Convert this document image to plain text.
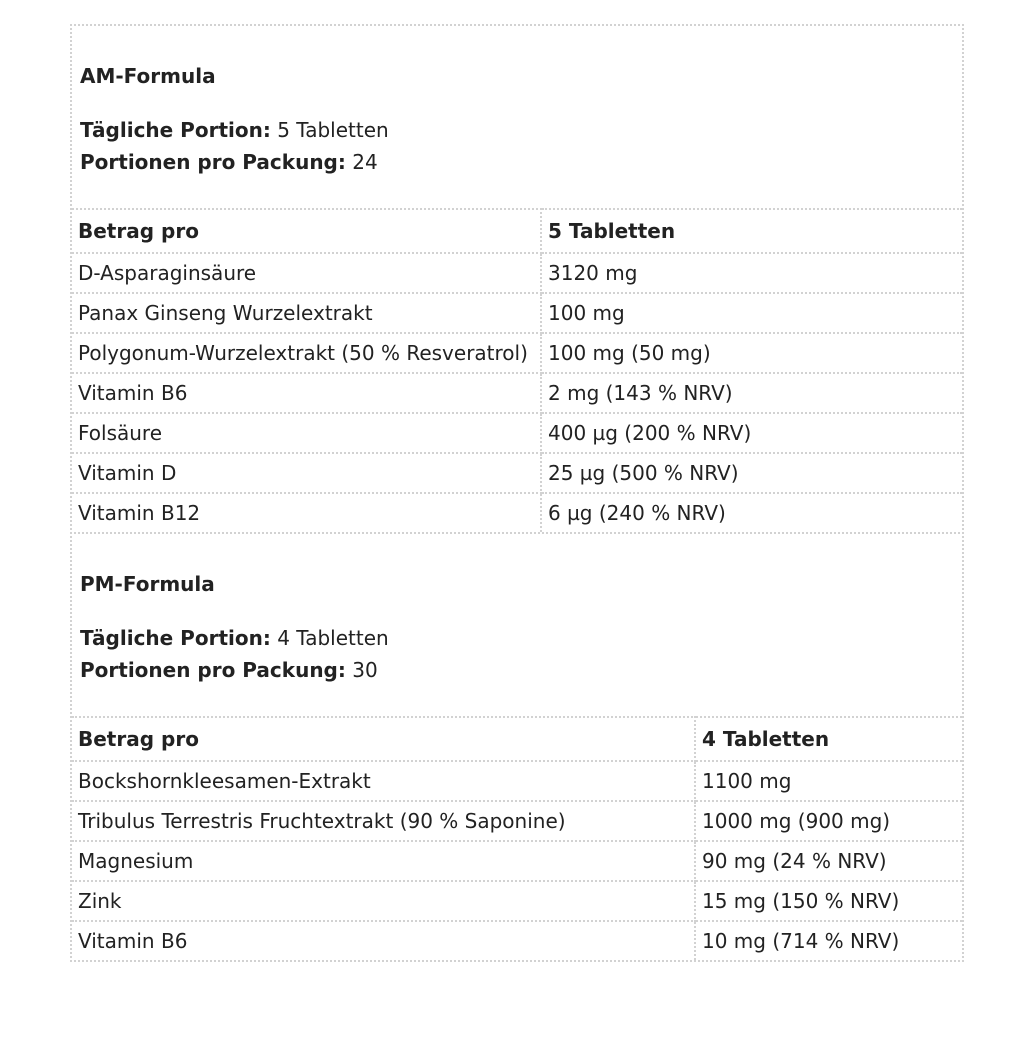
AM-Formula
Tägliche Portion: 5 Tabletten
Portionen pro Packung: 24
Betrag pro	5 Tabletten
D-Asparaginsäure	3120 mg
Panax Ginseng Wurzelextrakt	100 mg
Polygonum-Wurzelextrakt (50 % Resveratrol)	100 mg (50 mg)
Vitamin B6	2 mg (143 % NRV)
Folsäure	400 µg (200 % NRV)
Vitamin D	25 µg (500 % NRV)
Vitamin B12	6 µg (240 % NRV)
PM-Formula
Tägliche Portion: 4 Tabletten
Portionen pro Packung: 30
Betrag pro	4 Tabletten
Bockshornkleesamen-Extrakt	1100 mg
Tribulus Terrestris Fruchtextrakt (90 % Saponine)	1000 mg (900 mg)
Magnesium	90 mg (24 % NRV)
Zink	15 mg (150 % NRV)
Vitamin B6	10 mg (714 % NRV)
